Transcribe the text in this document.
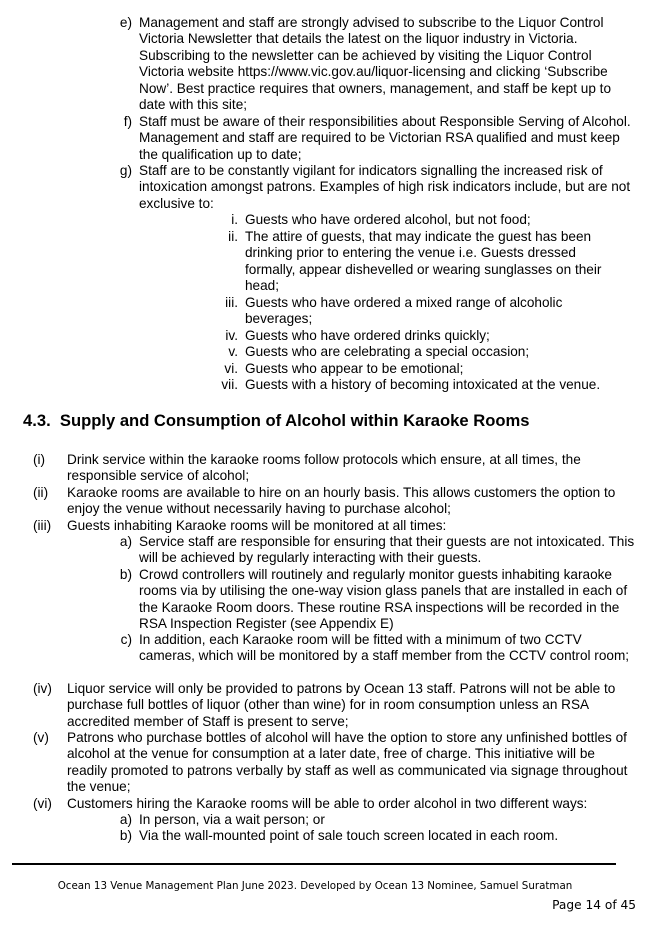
e) Management and staff are strongly advised to subscribe to the Liquor Control Victoria Newsletter that details the latest on the liquor industry in Victoria. Subscribing to the newsletter can be achieved by visiting the Liquor Control Victoria website https://www.vic.gov.au/liquor-licensing and clicking ‘Subscribe Now’. Best practice requires that owners, management, and staff be kept up to date with this site;
f) Staff must be aware of their responsibilities about Responsible Serving of Alcohol. Management and staff are required to be Victorian RSA qualified and must keep the qualification up to date;
g) Staff are to be constantly vigilant for indicators signalling the increased risk of intoxication amongst patrons. Examples of high risk indicators include, but are not exclusive to:
i. Guests who have ordered alcohol, but not food;
ii. The attire of guests, that may indicate the guest has been drinking prior to entering the venue i.e. Guests dressed formally, appear dishevelled or wearing sunglasses on their head;
iii. Guests who have ordered a mixed range of alcoholic beverages;
iv. Guests who have ordered drinks quickly;
v. Guests who are celebrating a special occasion;
vi. Guests who appear to be emotional;
vii. Guests with a history of becoming intoxicated at the venue.
4.3.  Supply and Consumption of Alcohol within Karaoke Rooms
(i)	Drink service within the karaoke rooms follow protocols which ensure, at all times, the responsible service of alcohol;
(ii)	Karaoke rooms are available to hire on an hourly basis. This allows customers the option to enjoy the venue without necessarily having to purchase alcohol;
(iii)	Guests inhabiting Karaoke rooms will be monitored at all times:
a) Service staff are responsible for ensuring that their guests are not intoxicated. This will be achieved by regularly interacting with their guests.
b) Crowd controllers will routinely and regularly monitor guests inhabiting karaoke rooms via by utilising the one-way vision glass panels that are installed in each of the Karaoke Room doors. These routine RSA inspections will be recorded in the RSA Inspection Register (see Appendix E)
c) In addition, each Karaoke room will be fitted with a minimum of two CCTV cameras, which will be monitored by a staff member from the CCTV control room;
(iv)	Liquor service will only be provided to patrons by Ocean 13 staff. Patrons will not be able to purchase full bottles of liquor (other than wine) for in room consumption unless an RSA accredited member of Staff is present to serve;
(v)	Patrons who purchase bottles of alcohol will have the option to store any unfinished bottles of alcohol at the venue for consumption at a later date, free of charge. This initiative will be readily promoted to patrons verbally by staff as well as communicated via signage throughout the venue;
(vi)	Customers hiring the Karaoke rooms will be able to order alcohol in two different ways:
a) In person, via a wait person; or
b) Via the wall-mounted point of sale touch screen located in each room.
Ocean 13 Venue Management Plan June 2023. Developed by Ocean 13 Nominee, Samuel Suratman
Page 14 of 45
